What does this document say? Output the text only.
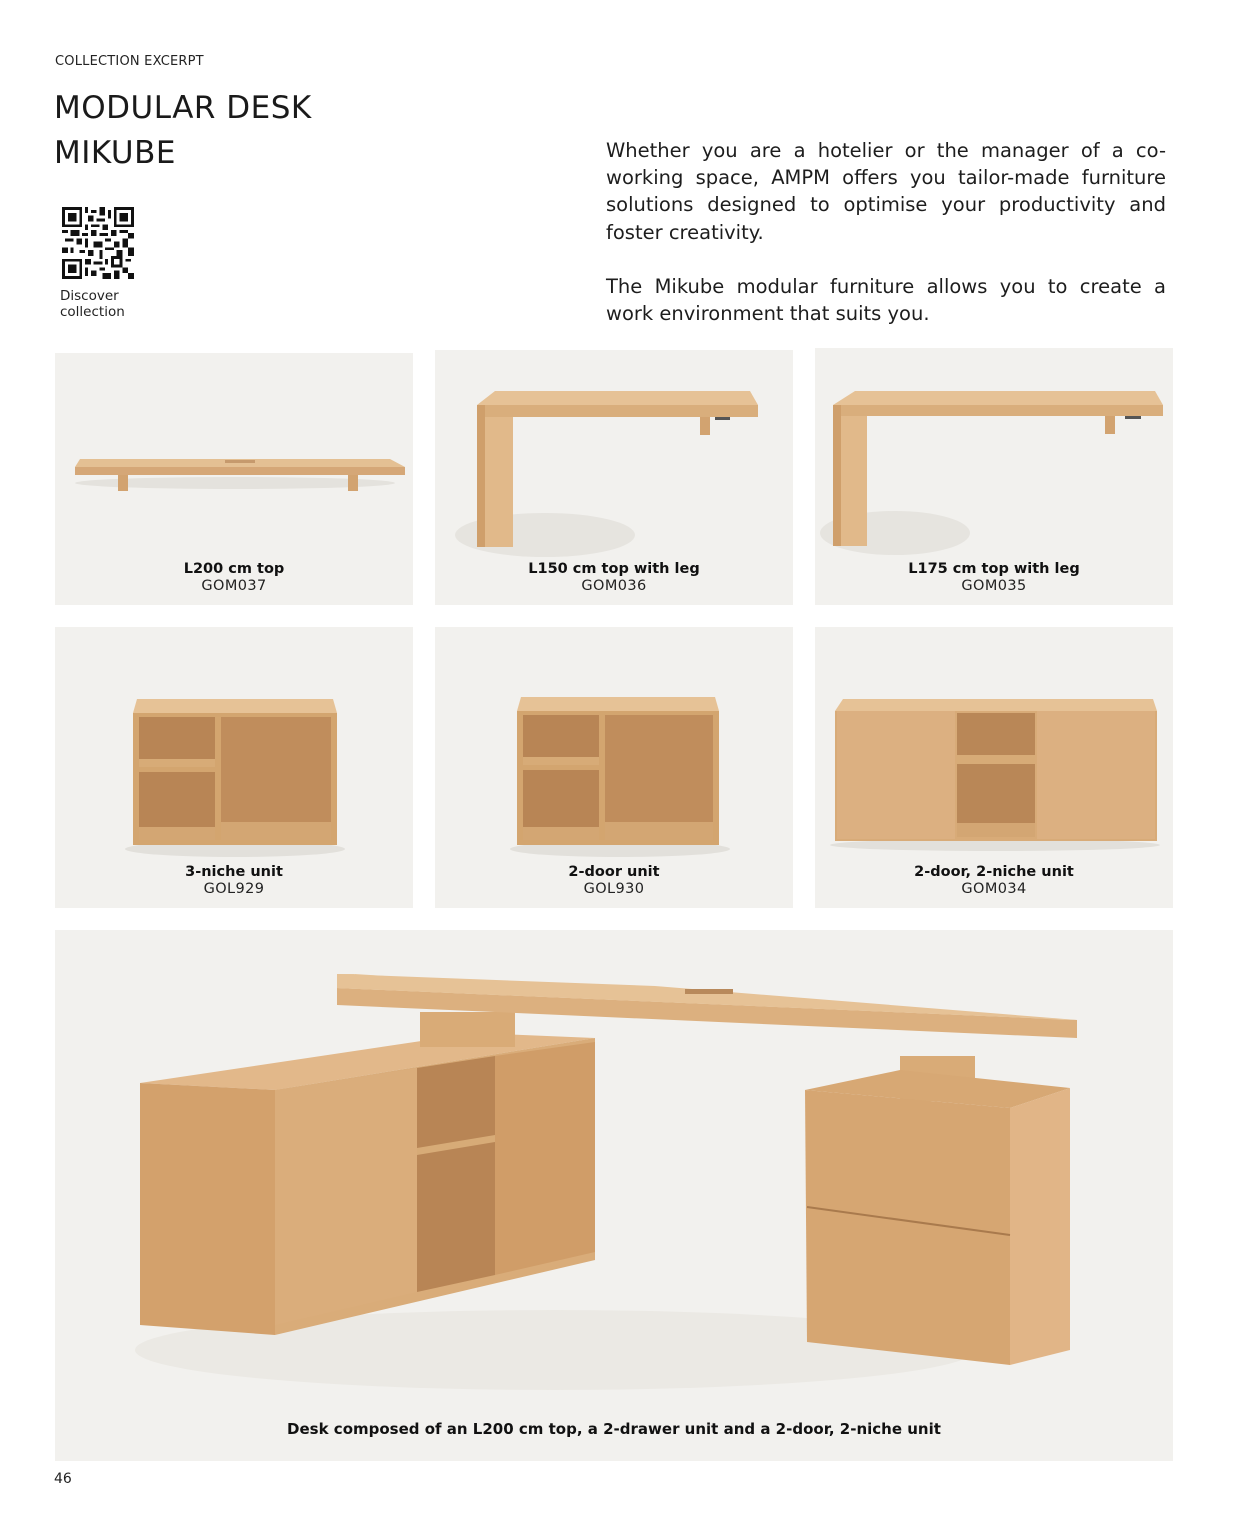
COLLECTION EXCERPT
MODULAR DESK
MIKUBE
Discover
collection

Whether you are a hotelier or the manager of a co-working space, AMPM offers you tailor-made furniture solutions designed to optimise your productivity and foster creativity.

The Mikube modular furniture allows you to create a work environment that suits you.

L200 cm top
GOM037
L150 cm top with leg
GOM036
L175 cm top with leg
GOM035
3-niche unit
GOL929
2-door unit
GOL930
2-door, 2-niche unit
GOM034
Desk composed of an L200 cm top, a 2-drawer unit and a 2-door, 2-niche unit
46
